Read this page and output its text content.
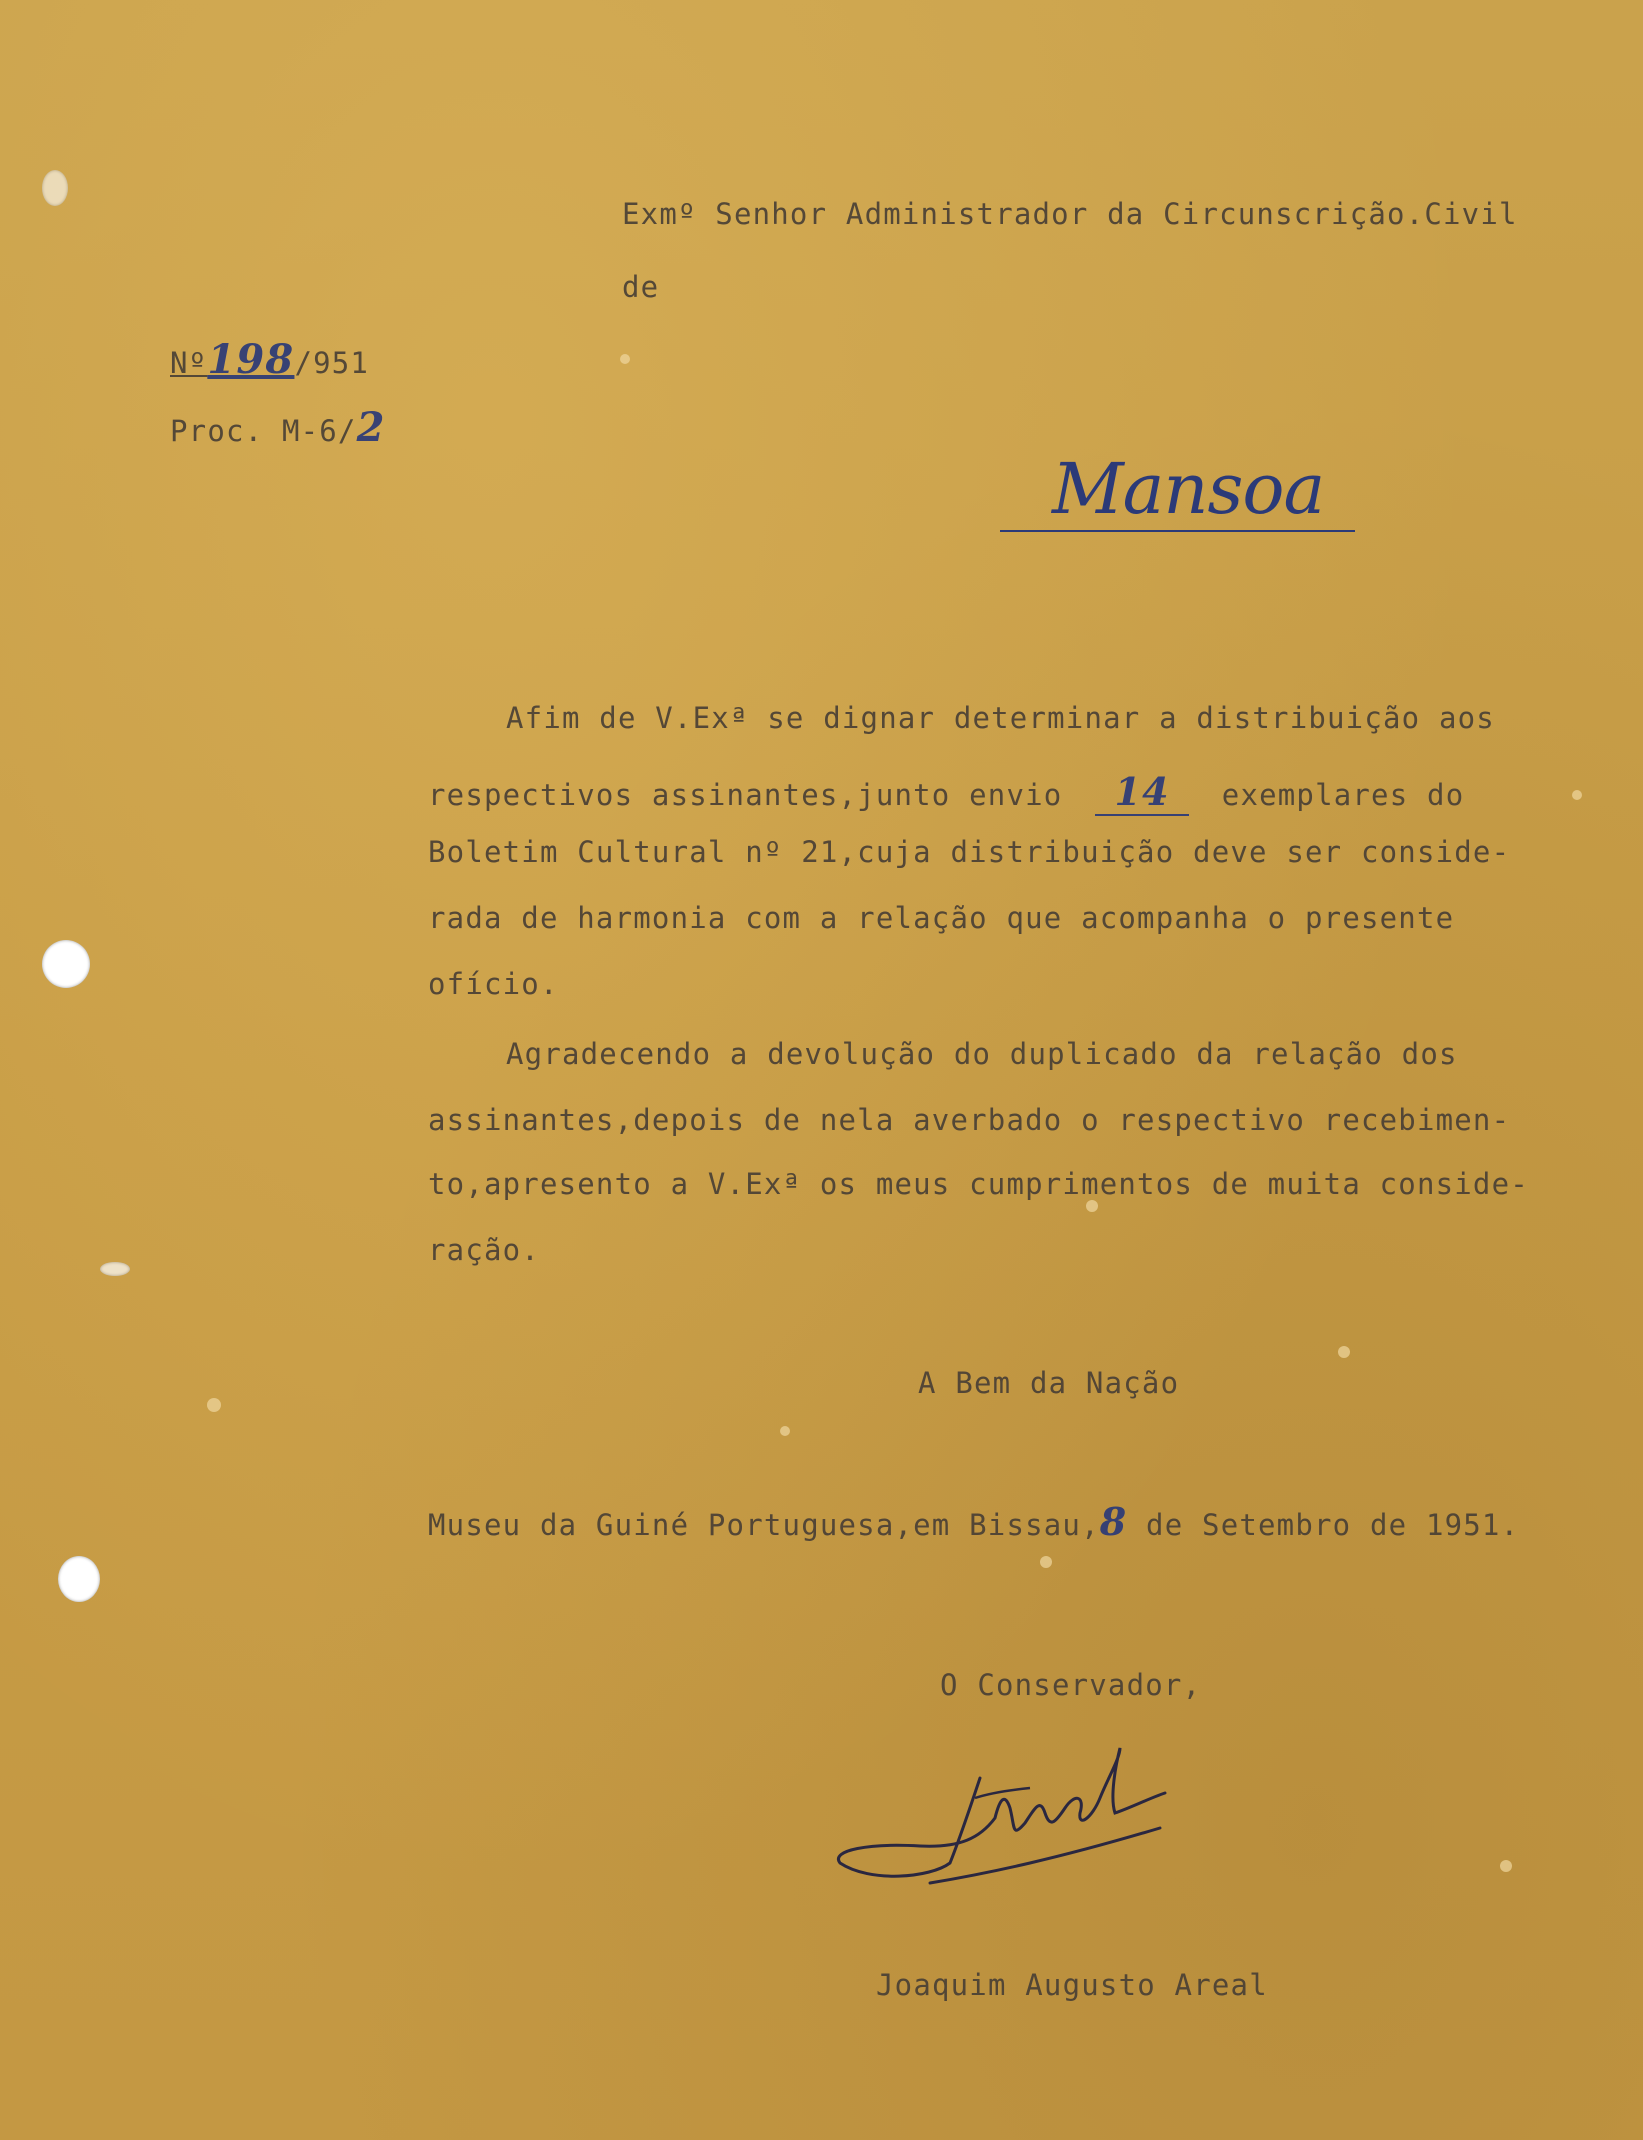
Exmº Senhor Administrador da Circunscrição.Civil
de
Nº198/951
Proc. M-6/2
Mansoa
Afim de V.Exª se dignar determinar a distribuição aos
respectivos assinantes,junto envio 14 exemplares do
Boletim Cultural nº 21,cuja distribuição deve ser conside-
rada de harmonia com a relação que acompanha o presente
ofício.
Agradecendo a devolução do duplicado da relação dos
assinantes,depois de nela averbado o respectivo recebimen-
to,apresento a V.Exª os meus cumprimentos de muita conside-
ração.
A Bem da Nação
Museu da Guiné Portuguesa,em Bissau,8 de Setembro de 1951.
O Conservador,
Joaquim Augusto Areal
